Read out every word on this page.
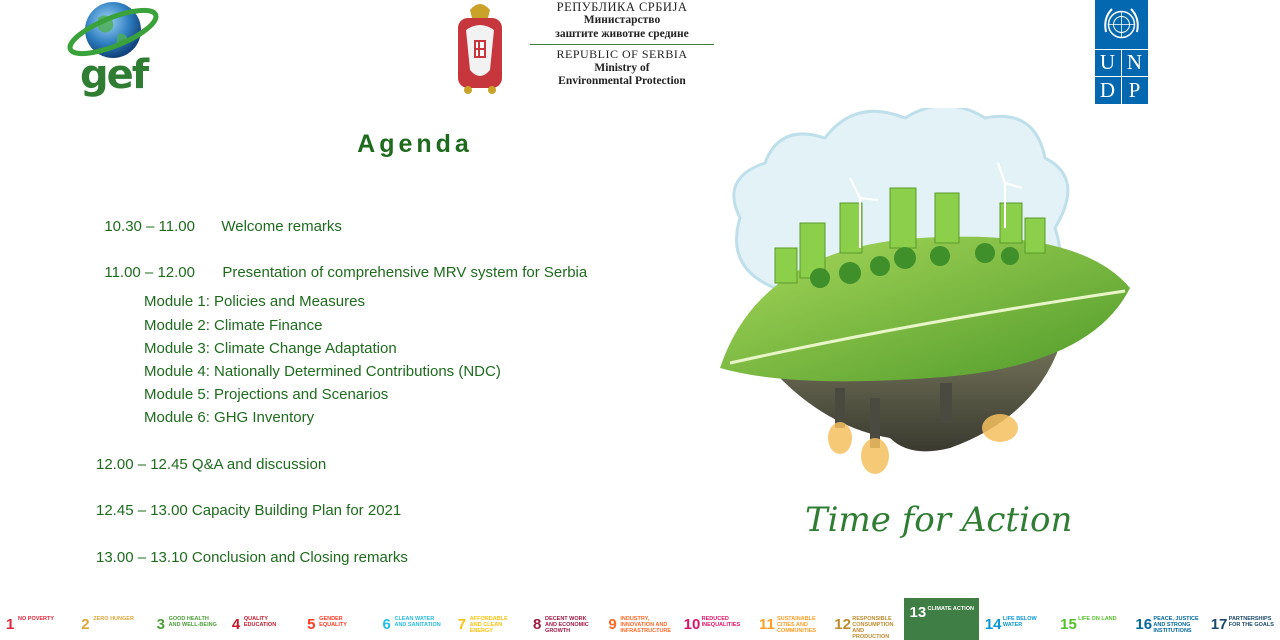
gef
РЕПУБЛИКА СРБИЈА
Министарство
заштите животне средине
REPUBLIC OF SERBIA
Ministry of
Environmental Protection
U N
D P
Agenda

10.30 – 11.00 Welcome remarks

11.00 – 12.00 Presentation of comprehensive MRV system for Serbia

Module 1: Policies and Measures
Module 2: Climate Finance
Module 3: Climate Change Adaptation
Module 4: Nationally Determined Contributions (NDC)
Module 5: Projections and Scenarios
Module 6: GHG Inventory
12.00 – 12.45 Q&A and discussion
12.45 – 13.00 Capacity Building Plan for 2021
13.00 – 13.10 Conclusion and Closing remarks
Time for Action
1 NO POVERTY	2 ZERO HUNGER	3 GOOD HEALTH AND WELL-BEING 4 QUALITY EDUCATION	5 GENDER EQUALITY	6 CLEAN WATER AND SANITATION 7 AFFORDABLE AND CLEAN ENERGY	8 DECENT WORK AND ECONOMIC GROWTH	9 INDUSTRY, INNOVATION AND INFRASTRUCTURE 10 REDUCED INEQUALITIES	11 SUSTAINABLE CITIES AND COMMUNITIES	12 RESPONSIBLE CONSUMPTION AND PRODUCTION
13 CLIMATE ACTION
14 LIFE BELOW WATER	15 LIFE ON LAND	16 PEACE, JUSTICE AND STRONG INSTITUTIONS	17 PARTNERSHIPS FOR THE GOALS
